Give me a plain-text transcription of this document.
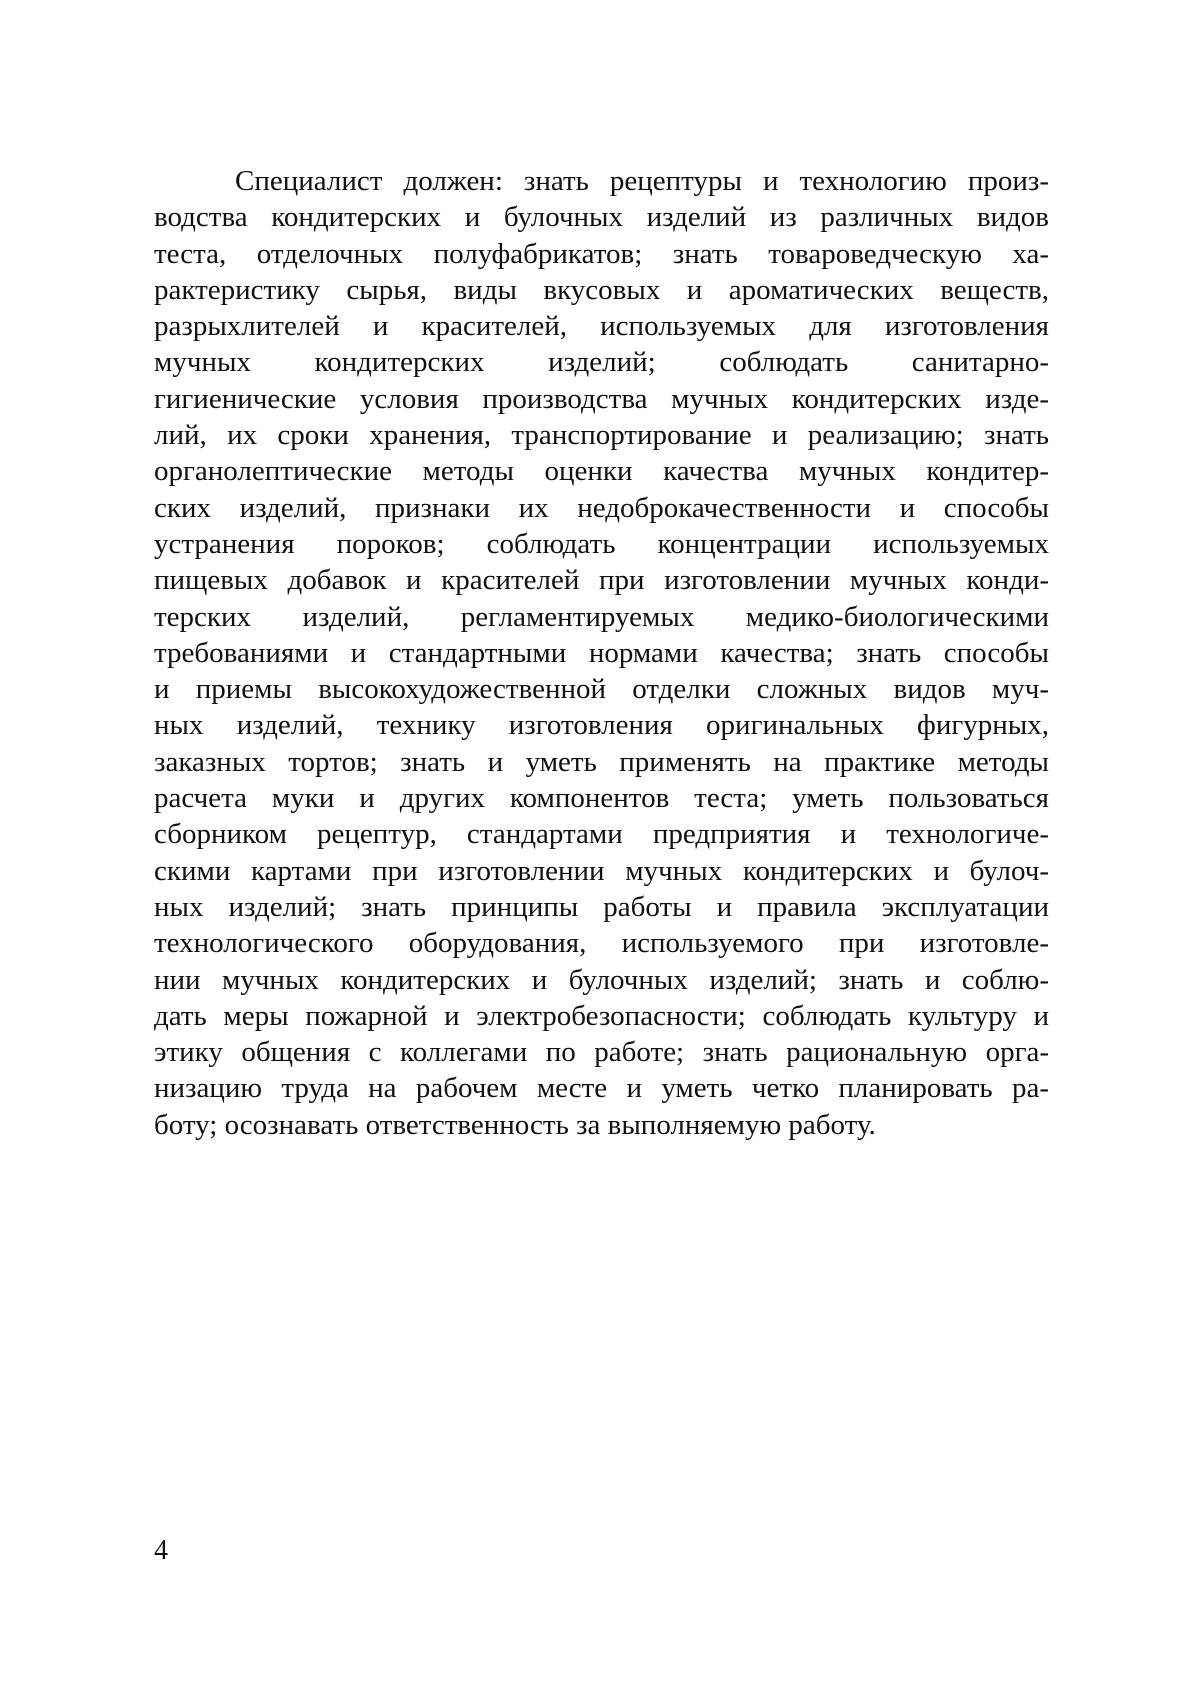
Специалист должен: знать рецептуры и технологию произ-
водства кондитерских и булочных изделий из различных видов
теста, отделочных полуфабрикатов; знать товароведческую ха-
рактеристику сырья, виды вкусовых и ароматических веществ,
разрыхлителей и красителей, используемых для изготовления
мучных кондитерских изделий; соблюдать санитарно-
гигиенические условия производства мучных кондитерских изде-
лий, их сроки хранения, транспортирование и реализацию; знать
органолептические методы оценки качества мучных кондитер-
ских изделий, признаки их недоброкачественности и способы
устранения пороков; соблюдать концентрации используемых
пищевых добавок и красителей при изготовлении мучных конди-
терских изделий, регламентируемых медико-биологическими
требованиями и стандартными нормами качества; знать способы
и приемы высокохудожественной отделки сложных видов муч-
ных изделий, технику изготовления оригинальных фигурных,
заказных тортов; знать и уметь применять на практике методы
расчета муки и других компонентов теста; уметь пользоваться
сборником рецептур, стандартами предприятия и технологиче-
скими картами при изготовлении мучных кондитерских и булоч-
ных изделий; знать принципы работы и правила эксплуатации
технологического оборудования, используемого при изготовле-
нии мучных кондитерских и булочных изделий; знать и соблю-
дать меры пожарной и электробезопасности; соблюдать культуру и
этику общения с коллегами по работе; знать рациональную орга-
низацию труда на рабочем месте и уметь четко планировать ра-
боту; осознавать ответственность за выполняемую работу.
4
